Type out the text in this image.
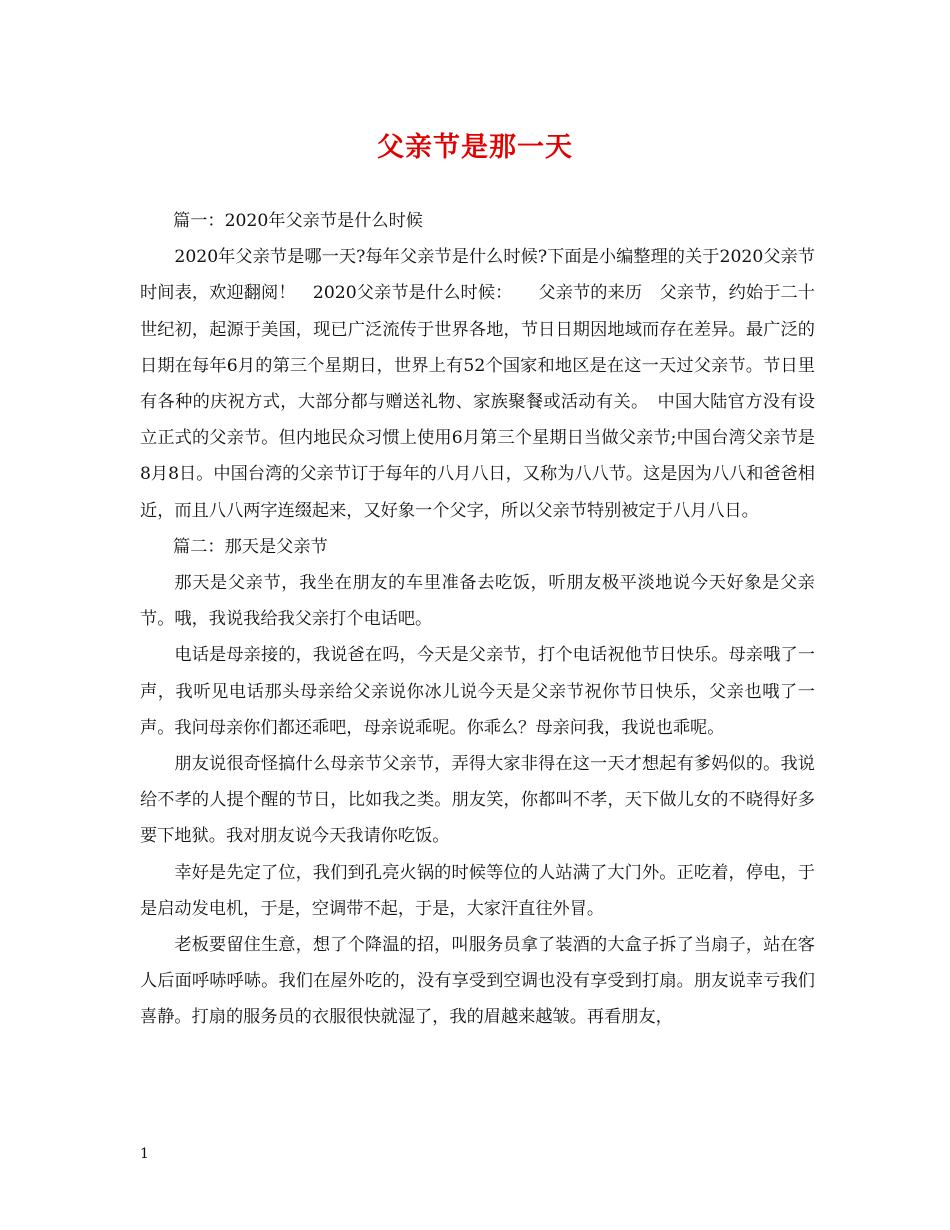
父亲节是那一天

篇一：2020年父亲节是什么时候

2020年父亲节是哪一天?每年父亲节是什么时候?下面是小编整理的关于2020父亲节时间表，欢迎翻阅！　2020父亲节是什么时候：　　父亲节的来历　父亲节，约始于二十世纪初，起源于美国，现已广泛流传于世界各地，节日日期因地域而存在差异。最广泛的日期在每年6月的第三个星期日，世界上有52个国家和地区是在这一天过父亲节。节日里有各种的庆祝方式，大部分都与赠送礼物、家族聚餐或活动有关。　中国大陆官方没有设立正式的父亲节。但内地民众习惯上使用6月第三个星期日当做父亲节;中国台湾父亲节是8月8日。中国台湾的父亲节订于每年的八月八日，又称为八八节。这是因为八八和爸爸相近，而且八八两字连缀起来，又好象一个父字，所以父亲节特别被定于八月八日。

篇二：那天是父亲节

那天是父亲节，我坐在朋友的车里准备去吃饭，听朋友极平淡地说今天好象是父亲节。哦，我说我给我父亲打个电话吧。

电话是母亲接的，我说爸在吗，今天是父亲节，打个电话祝他节日快乐。母亲哦了一声，我听见电话那头母亲给父亲说你冰儿说今天是父亲节祝你节日快乐，父亲也哦了一声。我问母亲你们都还乖吧，母亲说乖呢。你乖么？母亲问我，我说也乖呢。

朋友说很奇怪搞什么母亲节父亲节，弄得大家非得在这一天才想起有爹妈似的。我说给不孝的人提个醒的节日，比如我之类。朋友笑，你都叫不孝，天下做儿女的不晓得好多要下地狱。我对朋友说今天我请你吃饭。

幸好是先定了位，我们到孔亮火锅的时候等位的人站满了大门外。正吃着，停电，于是启动发电机，于是，空调带不起，于是，大家汗直往外冒。

老板要留住生意，想了个降温的招，叫服务员拿了装酒的大盒子拆了当扇子，站在客人后面呼哧呼哧。我们在屋外吃的，没有享受到空调也没有享受到打扇。朋友说幸亏我们喜静。打扇的服务员的衣服很快就湿了，我的眉越来越皱。再看朋友，

1
